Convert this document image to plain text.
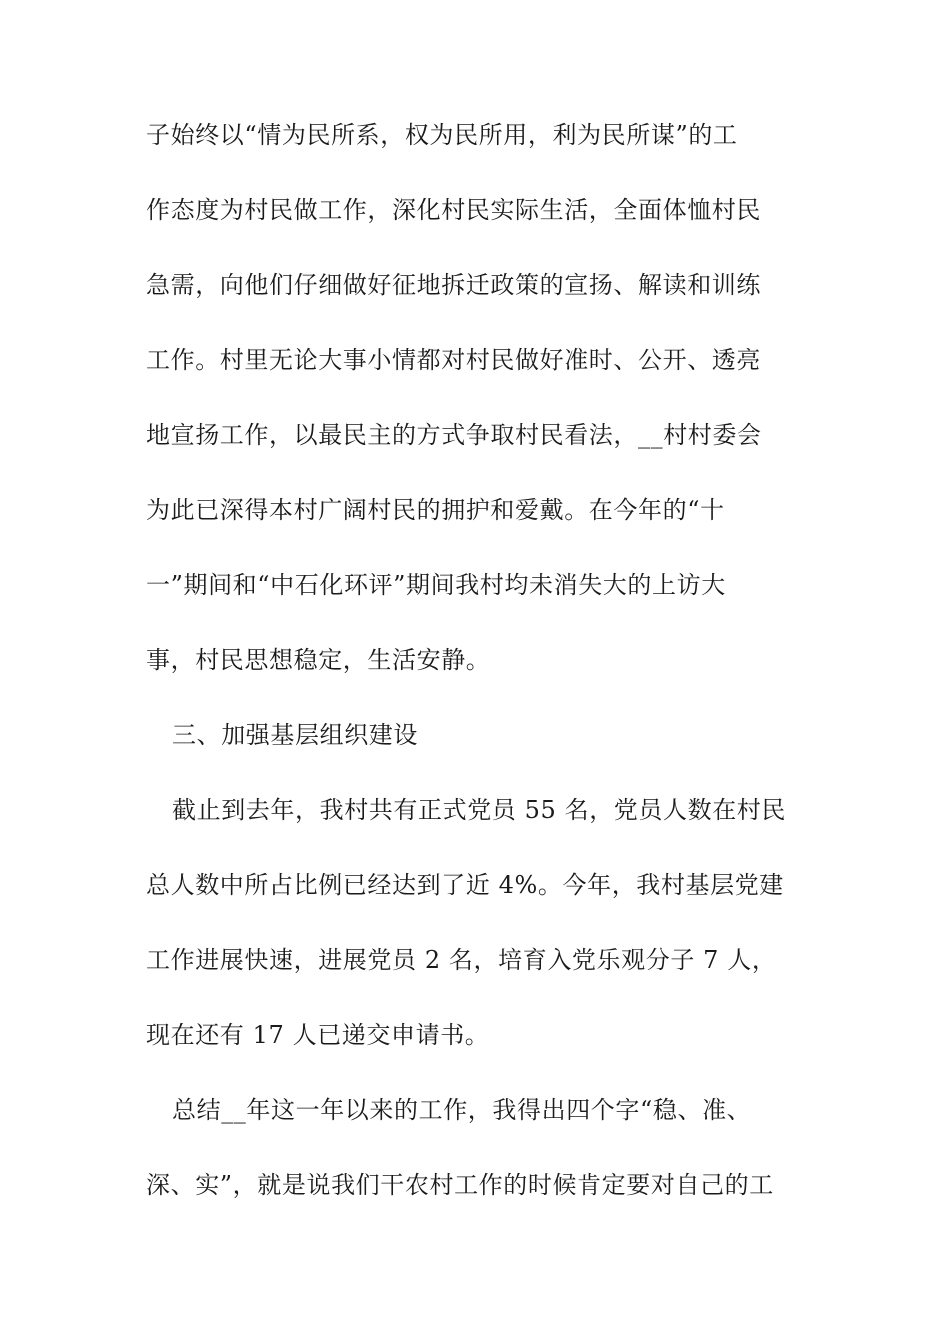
子始终以“情为民所系，权为民所用，利为民所谋”的工
作态度为村民做工作，深化村民实际生活，全面体恤村民
急需，向他们仔细做好征地拆迁政策的宣扬、解读和训练
工作。村里无论大事小情都对村民做好准时、公开、透亮
地宣扬工作，以最民主的方式争取村民看法，__村村委会
为此已深得本村广阔村民的拥护和爱戴。在今年的“十
一”期间和“中石化环评”期间我村均未消失大的上访大
事，村民思想稳定，生活安静。
三、加强基层组织建设
截止到去年，我村共有正式党员 55 名，党员人数在村民
总人数中所占比例已经达到了近 4%。今年，我村基层党建
工作进展快速，进展党员 2 名，培育入党乐观分子 7 人，
现在还有 17 人已递交申请书。
总结__年这一年以来的工作，我得出四个字“稳、准、
深、实”，就是说我们干农村工作的时候肯定要对自己的工
